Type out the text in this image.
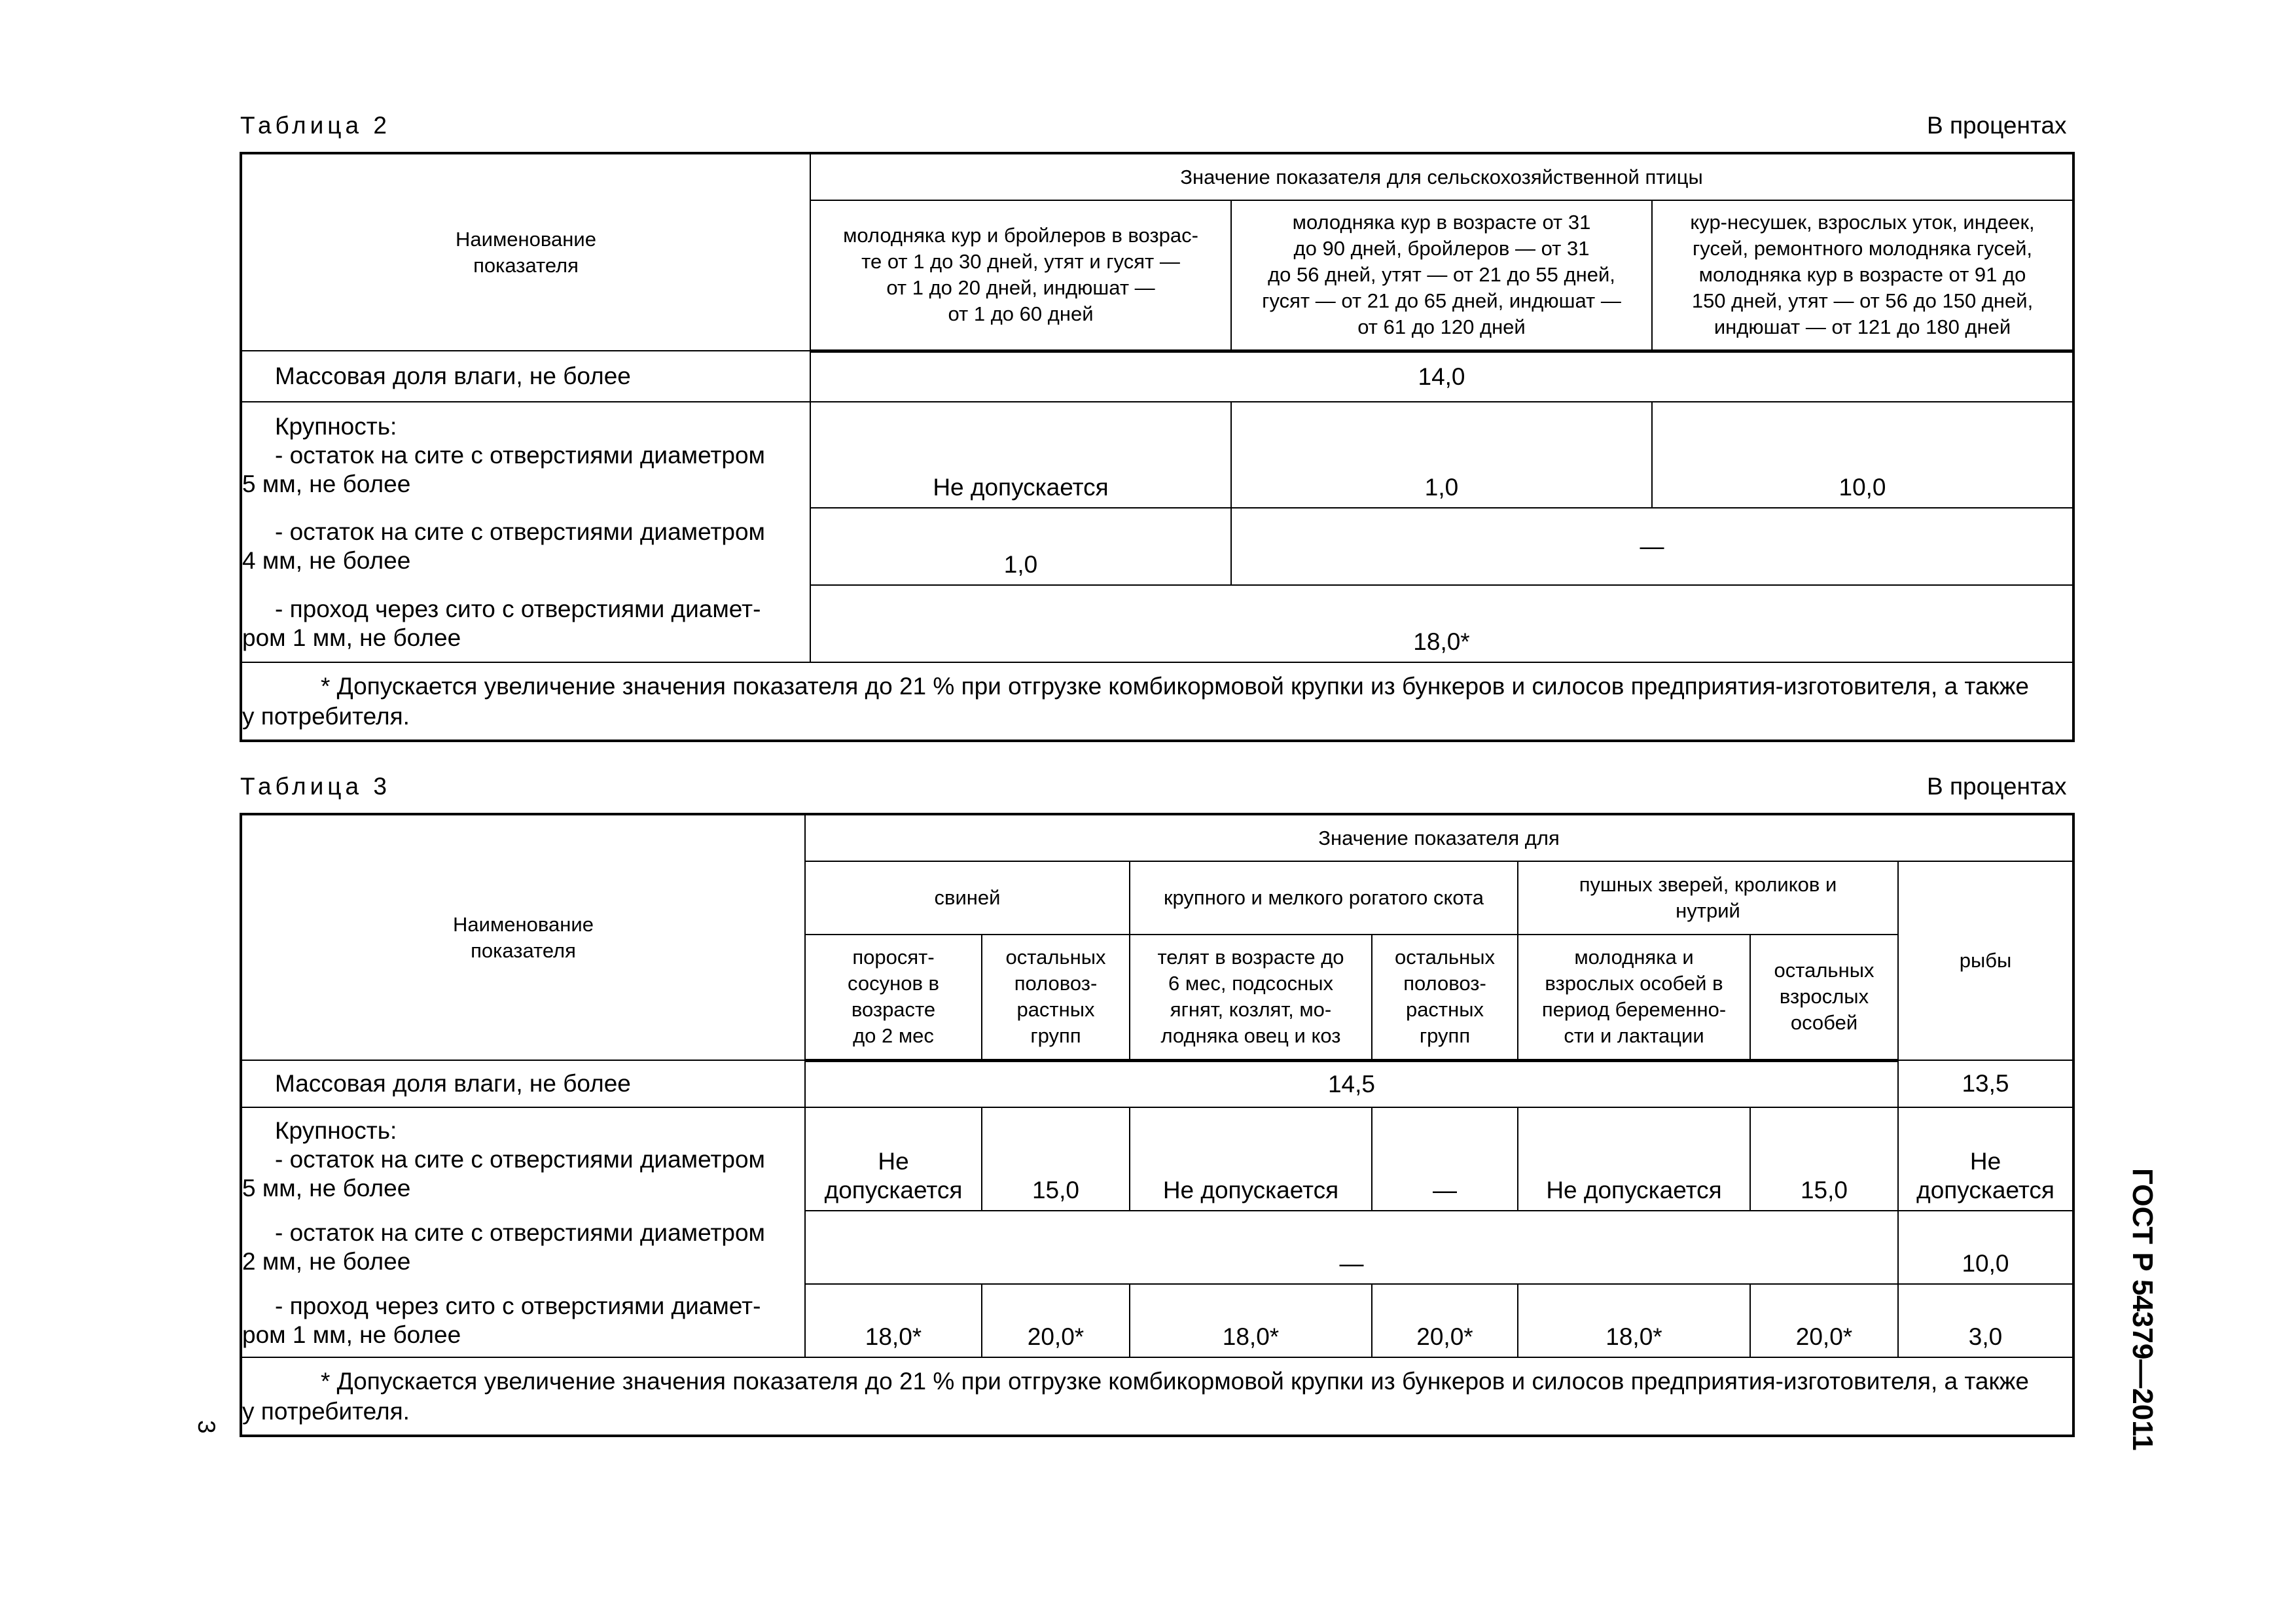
Таблица 2	В процентах
Наименование
показателя	Значение показателя для сельскохозяйственной птицы		
	молодняка кур и бройлеров в возрас-
те от 1 до 30 дней, утят и гусят —
от 1 до 20 дней, индюшат —
от 1 до 60 дней	молодняка кур в возрасте от 31
до 90 дней, бройлеров — от 31
до 56 дней, утят — от 21 до 55 дней,
гусят — от 21 до 65 дней, индюшат —
от 61 до 120 дней	кур-несушек, взрослых уток, индеек,
гусей, ремонтного молодняка гусей,
молодняка кур в возрасте от 91 до
150 дней, утят — от 56 до 150 дней,
индюшат — от 121 до 180 дней

Массовая доля влаги, не более	14,0		

Крупность:
- остаток на сите с отверстиями диаметром
5 мм, не более	Не допускается	1,0	10,0

- остаток на сите с отверстиями диаметром
4 мм, не более	1,0	—	

- проход через сито с отверстиями диамет-
ром 1 мм, не более	18,0*		

* Допускается увеличение значения показателя до 21 % при отгрузке комбикормовой крупки из бункеров и силосов предприятия-изготовителя, а также
у потребителя.			
Таблица 3	В процентах
Наименование
показателя	Значение показателя для						
	свиней		крупного и мелкого рогатого скота		пушных зверей, кроликов и
нутрий		рыбы
	поросят-
сосунов в
возрасте
до 2 мес	остальных
половоз-
растных
групп	телят в возрасте до
6 мес, подсосных
ягнят, козлят, мо-
лодняка овец и коз	остальных
половоз-
растных
групп	молодняка и
взрослых особей в
период беременно-
сти и лактации	остальных
взрослых
особей	

Массовая доля влаги, не более	14,5						13,5

Крупность:
- остаток на сите с отверстиями диаметром
5 мм, не более	Не
допускается	15,0	Не допускается	—	Не допускается	15,0	Не
допускается

- остаток на сите с отверстиями диаметром
2 мм, не более	—						10,0

- проход через сито с отверстиями диамет-
ром 1 мм, не более	18,0*	20,0*	18,0*	20,0*	18,0*	20,0*	3,0

* Допускается увеличение значения показателя до 21 % при отгрузке комбикормовой крупки из бункеров и силосов предприятия-изготовителя, а также
у потребителя.								ГОСТ Р 54379—2011
3
